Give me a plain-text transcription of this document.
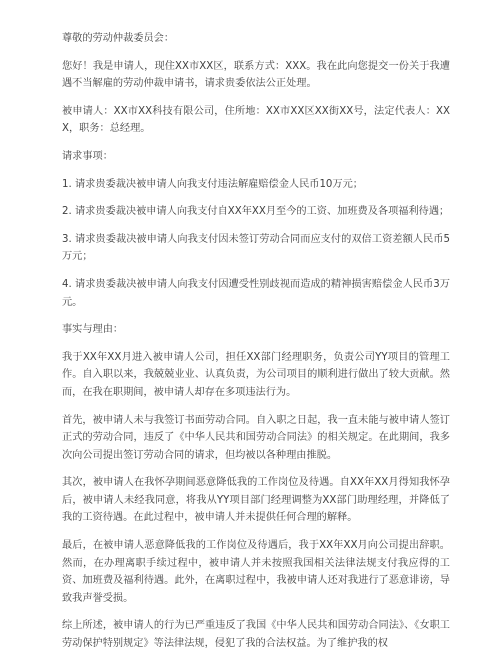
尊敬的劳动仲裁委员会：

您好！我是申请人，现住XX市XX区，联系方式：XXX。我在此向您提交一份关于我遭遇不当解雇的劳动仲裁申请书，请求贵委依法公正处理。

被申请人：XX市XX科技有限公司，住所地：XX市XX区XX街XX号，法定代表人：XXX，职务：总经理。

请求事项：

1. 请求贵委裁决被申请人向我支付违法解雇赔偿金人民币10万元；

2. 请求贵委裁决被申请人向我支付自XX年XX月至今的工资、加班费及各项福利待遇；

3. 请求贵委裁决被申请人向我支付因未签订劳动合同而应支付的双倍工资差额人民币5万元；

4. 请求贵委裁决被申请人向我支付因遭受性别歧视而造成的精神损害赔偿金人民币3万元。

事实与理由：

我于XX年XX月进入被申请人公司，担任XX部门经理职务，负责公司YY项目的管理工作。自入职以来，我兢兢业业、认真负责，为公司项目的顺利进行做出了较大贡献。然而，在我在职期间，被申请人却存在多项违法行为。

首先，被申请人未与我签订书面劳动合同。自入职之日起，我一直未能与被申请人签订正式的劳动合同，违反了《中华人民共和国劳动合同法》的相关规定。在此期间，我多次向公司提出签订劳动合同的请求，但均被以各种理由推脱。

其次，被申请人在我怀孕期间恶意降低我的工作岗位及待遇。自XX年XX月得知我怀孕后，被申请人未经我同意，将我从YY项目部门经理调整为XX部门助理经理，并降低了我的工资待遇。在此过程中，被申请人并未提供任何合理的解释。

最后，在被申请人恶意降低我的工作岗位及待遇后，我于XX年XX月向公司提出辞职。然而，在办理离职手续过程中，被申请人并未按照我国相关法律法规支付我应得的工资、加班费及福利待遇。此外，在离职过程中，我被申请人还对我进行了恶意诽谤，导致我声誉受损。

综上所述，被申请人的行为已严重违反了我国《中华人民共和国劳动合同法》、《女职工劳动保护特别规定》等法律法规，侵犯了我的合法权益。为了维护我的权
